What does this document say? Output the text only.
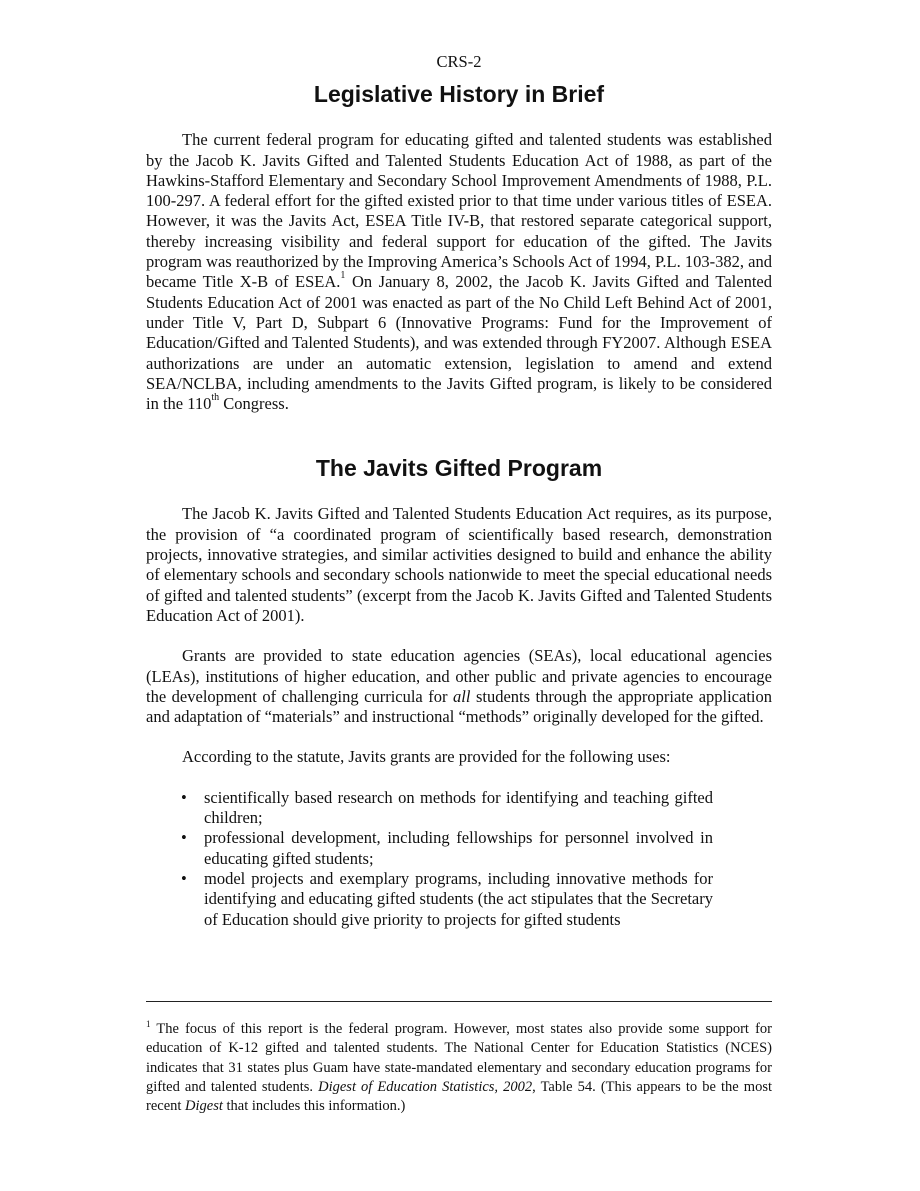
CRS-2
Legislative History in Brief

The current federal program for educating gifted and talented students was established by the Jacob K. Javits Gifted and Talented Students Education Act of 1988, as part of the Hawkins-Stafford Elementary and Secondary School Improvement Amendments of 1988, P.L. 100-297. A federal effort for the gifted existed prior to that time under various titles of ESEA. However, it was the Javits Act, ESEA Title IV-B, that restored separate categorical support, thereby increasing visibility and federal support for education of the gifted. The Javits program was reauthorized by the Improving America’s Schools Act of 1994, P.L. 103-382, and became Title X-B of ESEA.$^1$ On January 8, 2002, the Jacob K. Javits Gifted and Talented Students Education Act of 2001 was enacted as part of the No Child Left Behind Act of 2001, under Title V, Part D, Subpart 6 (Innovative Programs: Fund for the Improvement of Education/Gifted and Talented Students), and was extended through FY2007. Although ESEA authorizations are under an automatic extension, legislation to amend and extend SEA/NCLBA, including amendments to the Javits Gifted program, is likely to be considered in the 110th Congress.

The Javits Gifted Program

The Jacob K. Javits Gifted and Talented Students Education Act requires, as its purpose, the provision of “a coordinated program of scientifically based research, demonstration projects, innovative strategies, and similar activities designed to build and enhance the ability of elementary schools and secondary schools nationwide to meet the special educational needs of gifted and talented students” (excerpt from the Jacob K. Javits Gifted and Talented Students Education Act of 2001).

Grants are provided to state education agencies (SEAs), local educational agencies (LEAs), institutions of higher education, and other public and private agencies to encourage the development of challenging curricula for all students through the appropriate application and adaptation of “materials” and instructional “methods” originally developed for the gifted.

According to the statute, Javits grants are provided for the following uses:

• scientifically based research on methods for identifying and teaching gifted children;
• professional development, including fellowships for personnel involved in educating gifted students;
• model projects and exemplary programs, including innovative methods for identifying and educating gifted students (the act stipulates that the Secretary of Education should give priority to projects for gifted students
$^1$ The focus of this report is the federal program. However, most states also provide some support for education of K-12 gifted and talented students. The National Center for Education Statistics (NCES) indicates that 31 states plus Guam have state-mandated elementary and secondary education programs for gifted and talented students. Digest of Education Statistics, 2002, Table 54. (This appears to be the most recent Digest that includes this information.)
